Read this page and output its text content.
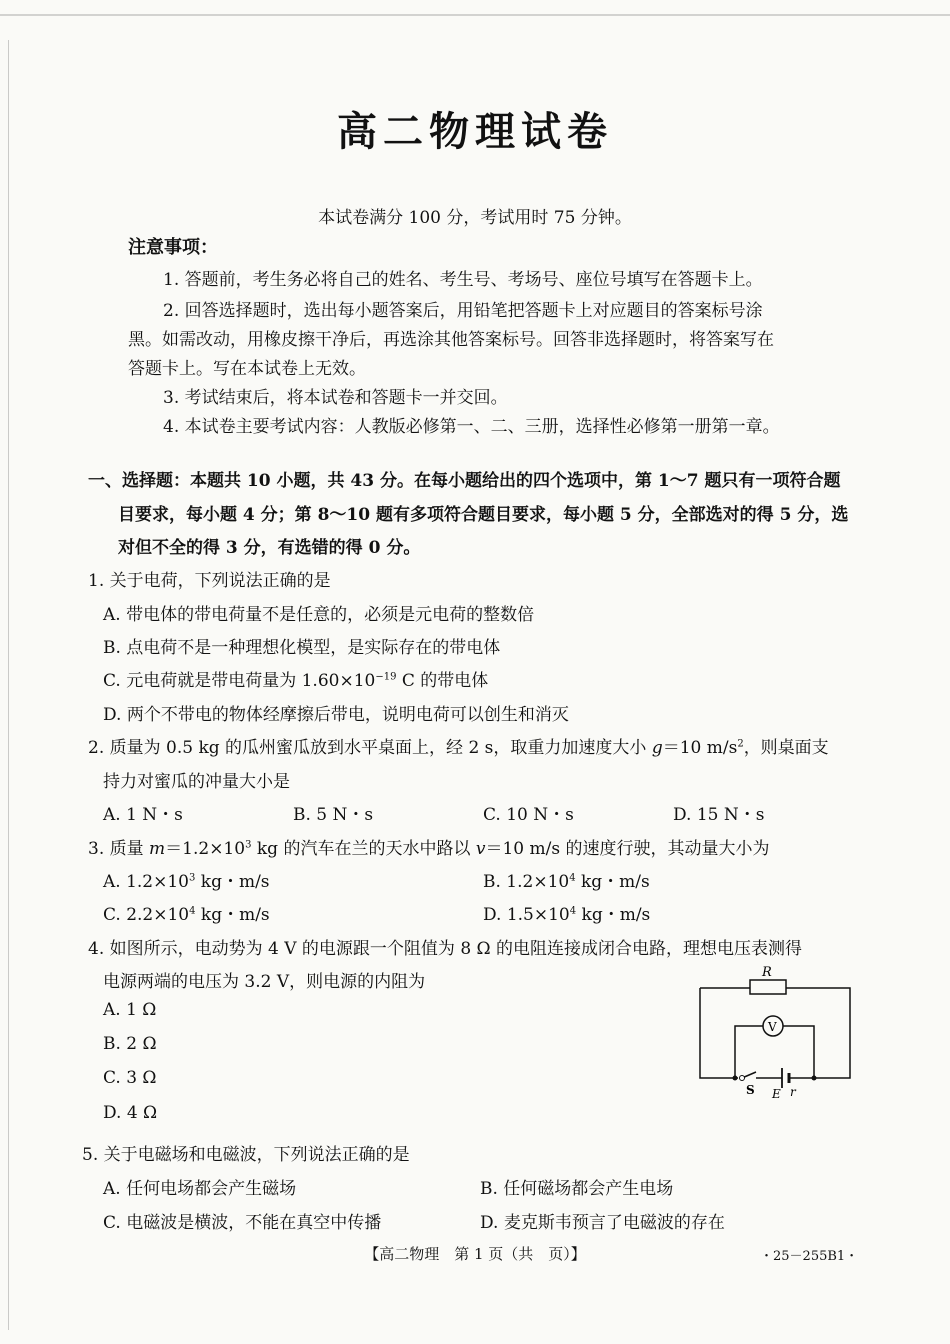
高二物理试卷
本试卷满分 100 分，考试用时 75 分钟。
注意事项：
1. 答题前，考生务必将自己的姓名、考生号、考场号、座位号填写在答题卡上。
2. 回答选择题时，选出每小题答案后，用铅笔把答题卡上对应题目的答案标号涂
黑。如需改动，用橡皮擦干净后，再选涂其他答案标号。回答非选择题时，将答案写在
答题卡上。写在本试卷上无效。
3. 考试结束后，将本试卷和答题卡一并交回。
4. 本试卷主要考试内容：人教版必修第一、二、三册，选择性必修第一册第一章。
一、选择题：本题共 10 小题，共 43 分。在每小题给出的四个选项中，第 1～7 题只有一项符合题
目要求，每小题 4 分；第 8～10 题有多项符合题目要求，每小题 5 分，全部选对的得 5 分，选
对但不全的得 3 分，有选错的得 0 分。
1. 关于电荷，下列说法正确的是
A. 带电体的带电荷量不是任意的，必须是元电荷的整数倍
B. 点电荷不是一种理想化模型，是实际存在的带电体
C. 元电荷就是带电荷量为 $1.60\times 10^{-19}$ C 的带电体
D. 两个不带电的物体经摩擦后带电，说明电荷可以创生和消灭
2. 质量为 0.5 kg 的瓜州蜜瓜放到水平桌面上，经 2 s，取重力加速度大小 g＝10 $m/s^2$，则桌面支
持力对蜜瓜的冲量大小是
A. 1 N・s	B. 5 N・s	C. 10 N・s	D. 15 N・s
3. 质量 $m=1.2\times 10^3$ kg 的汽车在兰的天水中路以 v＝10 m/s 的速度行驶，其动量大小为
A. $1.2\times 10^3$ kg・m/s	B. $1.2\times 10^4$ kg・m/s
C. $2.2\times 10^4$ kg・m/s	D. $1.5\times 10^4$ kg・m/s
4. 如图所示，电动势为 4 V 的电源跟一个阻值为 8 Ω 的电阻连接成闭合电路，理想电压表测得
电源两端的电压为 3.2 V，则电源的内阻为
A. 1 Ω
B. 2 Ω
C. 3 Ω
D. 4 Ω
R
V
S E r
5. 关于电磁场和电磁波，下列说法正确的是
A. 任何电场都会产生磁场	B. 任何磁场都会产生电场
C. 电磁波是横波，不能在真空中传播	D. 麦克斯韦预言了电磁波的存在
【高二物理　第 1 页（共　页）】	・25－255B1・
